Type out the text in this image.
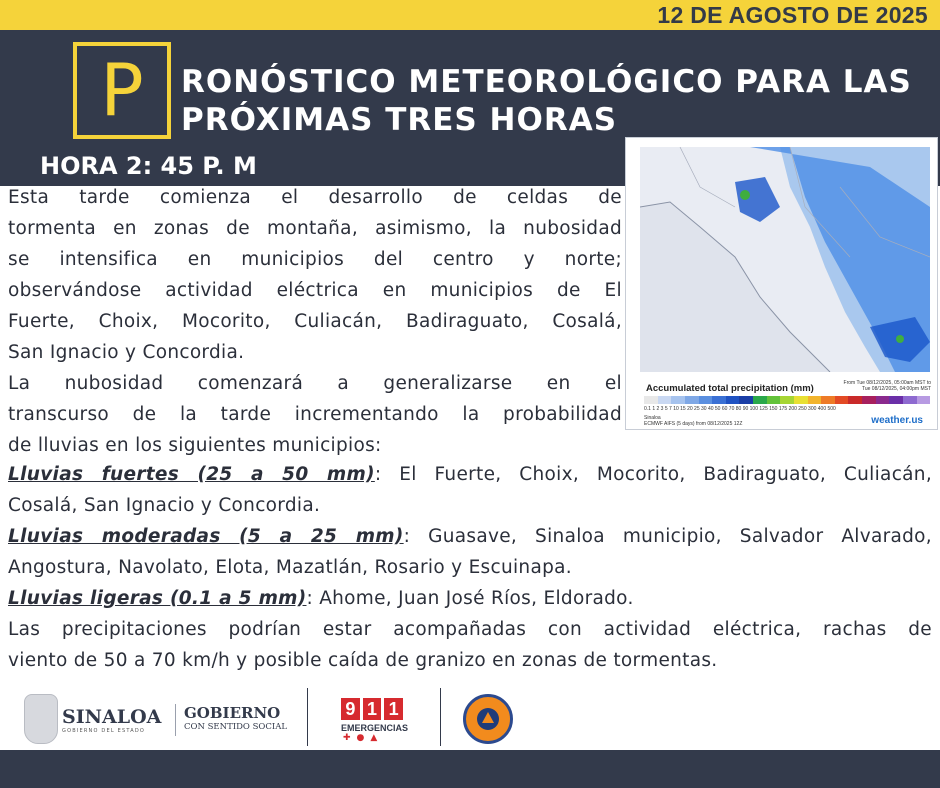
12 DE AGOSTO DE 2025
P	RONÓSTICO METEOROLÓGICO PARA LAS
PRÓXIMAS TRES HORAS
HORA 2: 45 P. M
Accumulated total precipitation (mm)	From Tue 08/12/2025, 05:00am MST to Tue 08/12/2025, 04:00pm MST
0.1 1 2 3 5 7 10 15 20 25 30 40 50 60 70 80 90 100 125 150 175 200 250 300 400 500
Sinaloa
ECMWF AIFS (5 days) from 08/12/2025 12Z	weather.us
Esta tarde comienza el desarrollo de celdas de
tormenta en zonas de montaña, asimismo, la nubosidad
se intensifica en municipios del centro y norte;
observándose actividad eléctrica en municipios de El
Fuerte, Choix, Mocorito, Culiacán, Badiraguato, Cosalá,
San Ignacio y Concordia.
La nubosidad comenzará a generalizarse en el
transcurso de la tarde incrementando la probabilidad
de lluvias en los siguientes municipios:
Lluvias fuertes (25 a 50 mm): El Fuerte, Choix, Mocorito, Badiraguato, Culiacán,
Cosalá, San Ignacio y Concordia.
Lluvias moderadas (5 a 25 mm): Guasave, Sinaloa municipio, Salvador Alvarado,
Angostura, Navolato, Elota, Mazatlán, Rosario y Escuinapa.
Lluvias ligeras (0.1 a 5 mm): Ahome, Juan José Ríos, Eldorado.
Las precipitaciones podrían estar acompañadas con actividad eléctrica, rachas de
viento de 50 a 70 km/h y posible caída de granizo en zonas de tormentas.
SINALOA
GOBIERNO DEL ESTADO
GOBIERNO
CON SENTIDO SOCIAL
9 1 1
EMERGENCIAS
✚●▲
